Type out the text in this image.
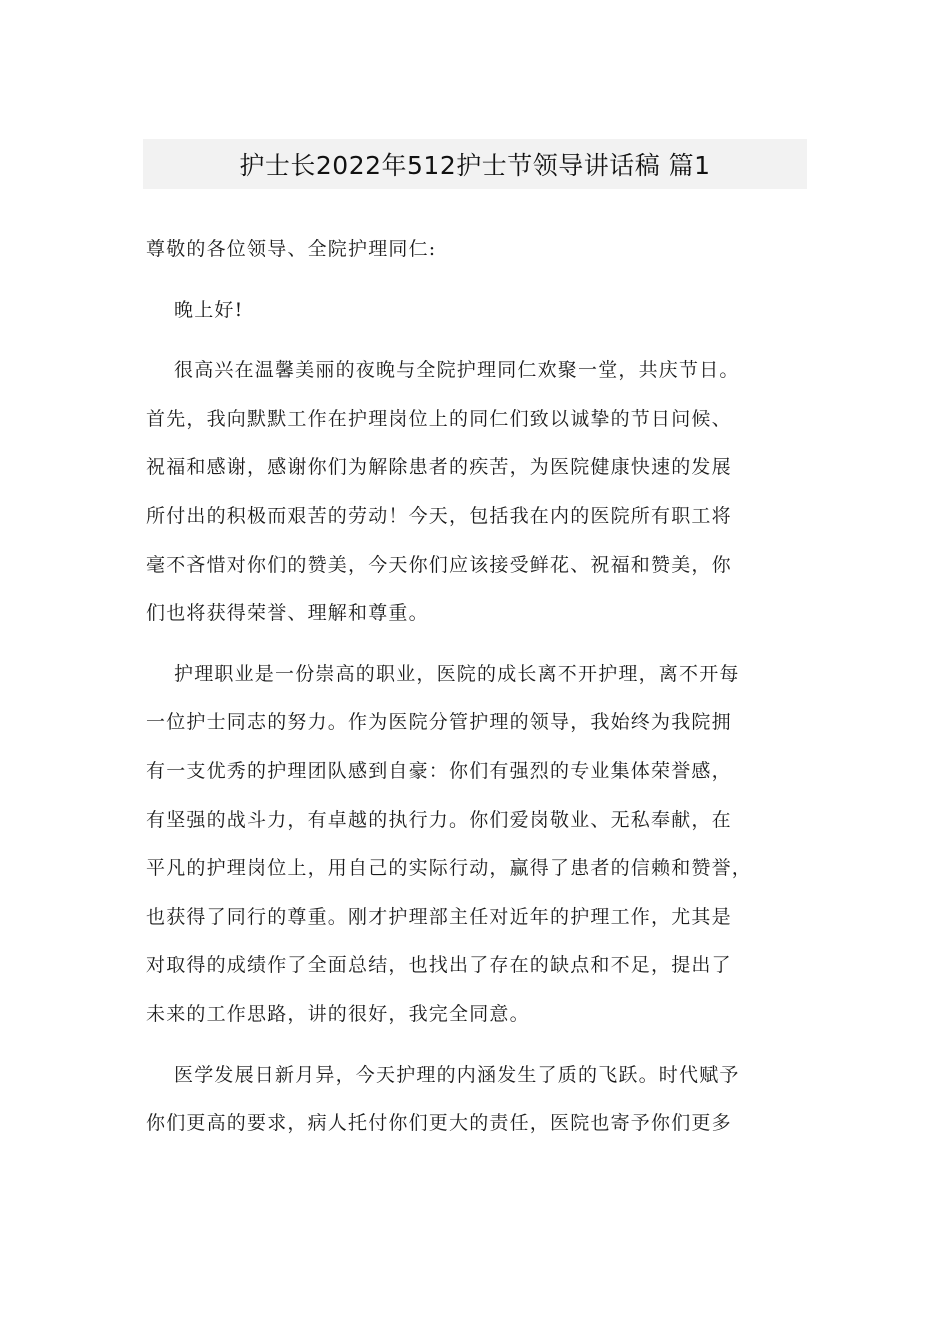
护士长2022年512护士节领导讲话稿 篇1

尊敬的各位领导、全院护理同仁:

晚上好!

很高兴在温馨美丽的夜晚与全院护理同仁欢聚一堂，共庆节日。
首先，我向默默工作在护理岗位上的同仁们致以诚挚的节日问候、
祝福和感谢，感谢你们为解除患者的疾苦，为医院健康快速的发展
所付出的积极而艰苦的劳动！今天，包括我在内的医院所有职工将
毫不吝惜对你们的赞美，今天你们应该接受鲜花、祝福和赞美，你
们也将获得荣誉、理解和尊重。

护理职业是一份崇高的职业，医院的成长离不开护理，离不开每
一位护士同志的努力。作为医院分管护理的领导，我始终为我院拥
有一支优秀的护理团队感到自豪：你们有强烈的专业集体荣誉感，
有坚强的战斗力，有卓越的执行力。你们爱岗敬业、无私奉献，在
平凡的护理岗位上，用自己的实际行动，赢得了患者的信赖和赞誉，
也获得了同行的尊重。刚才护理部主任对近年的护理工作，尤其是
对取得的成绩作了全面总结，也找出了存在的缺点和不足，提出了
未来的工作思路，讲的很好，我完全同意。

医学发展日新月异，今天护理的内涵发生了质的飞跃。时代赋予
你们更高的要求，病人托付你们更大的责任，医院也寄予你们更多
